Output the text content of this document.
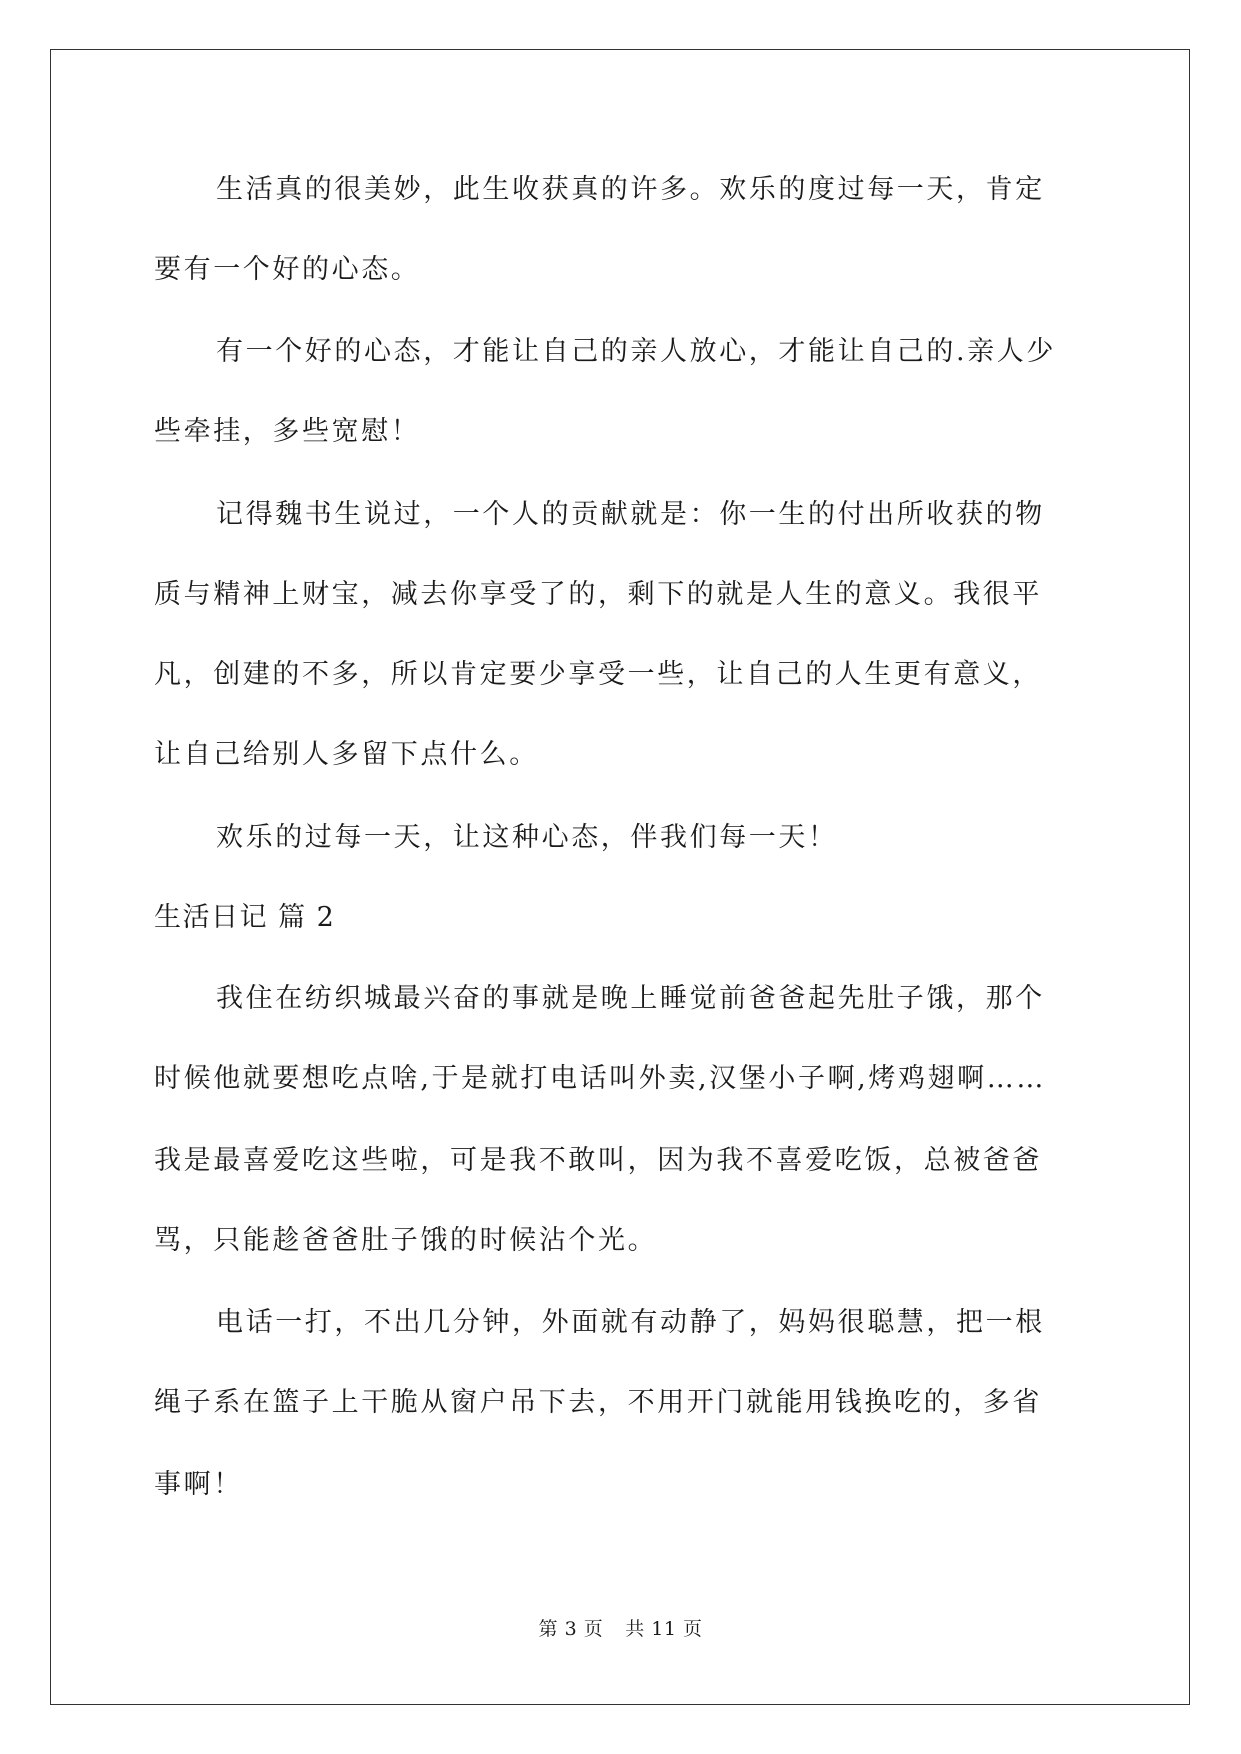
生活真的很美妙，此生收获真的许多。欢乐的度过每一天，肯定
要有一个好的心态。
有一个好的心态，才能让自己的亲人放心，才能让自己的.亲人少
些牵挂，多些宽慰！
记得魏书生说过，一个人的贡献就是：你一生的付出所收获的物
质与精神上财宝，减去你享受了的，剩下的就是人生的意义。我很平
凡，创建的不多，所以肯定要少享受一些，让自己的人生更有意义，
让自己给别人多留下点什么。
欢乐的过每一天，让这种心态，伴我们每一天！
生活日记 篇 2
我住在纺织城最兴奋的事就是晚上睡觉前爸爸起先肚子饿，那个
时候他就要想吃点啥,于是就打电话叫外卖,汉堡小子啊,烤鸡翅啊……
我是最喜爱吃这些啦，可是我不敢叫，因为我不喜爱吃饭，总被爸爸
骂，只能趁爸爸肚子饿的时候沾个光。
电话一打，不出几分钟，外面就有动静了，妈妈很聪慧，把一根
绳子系在篮子上干脆从窗户吊下去，不用开门就能用钱换吃的，多省
事啊！
第 3 页 共 11 页
